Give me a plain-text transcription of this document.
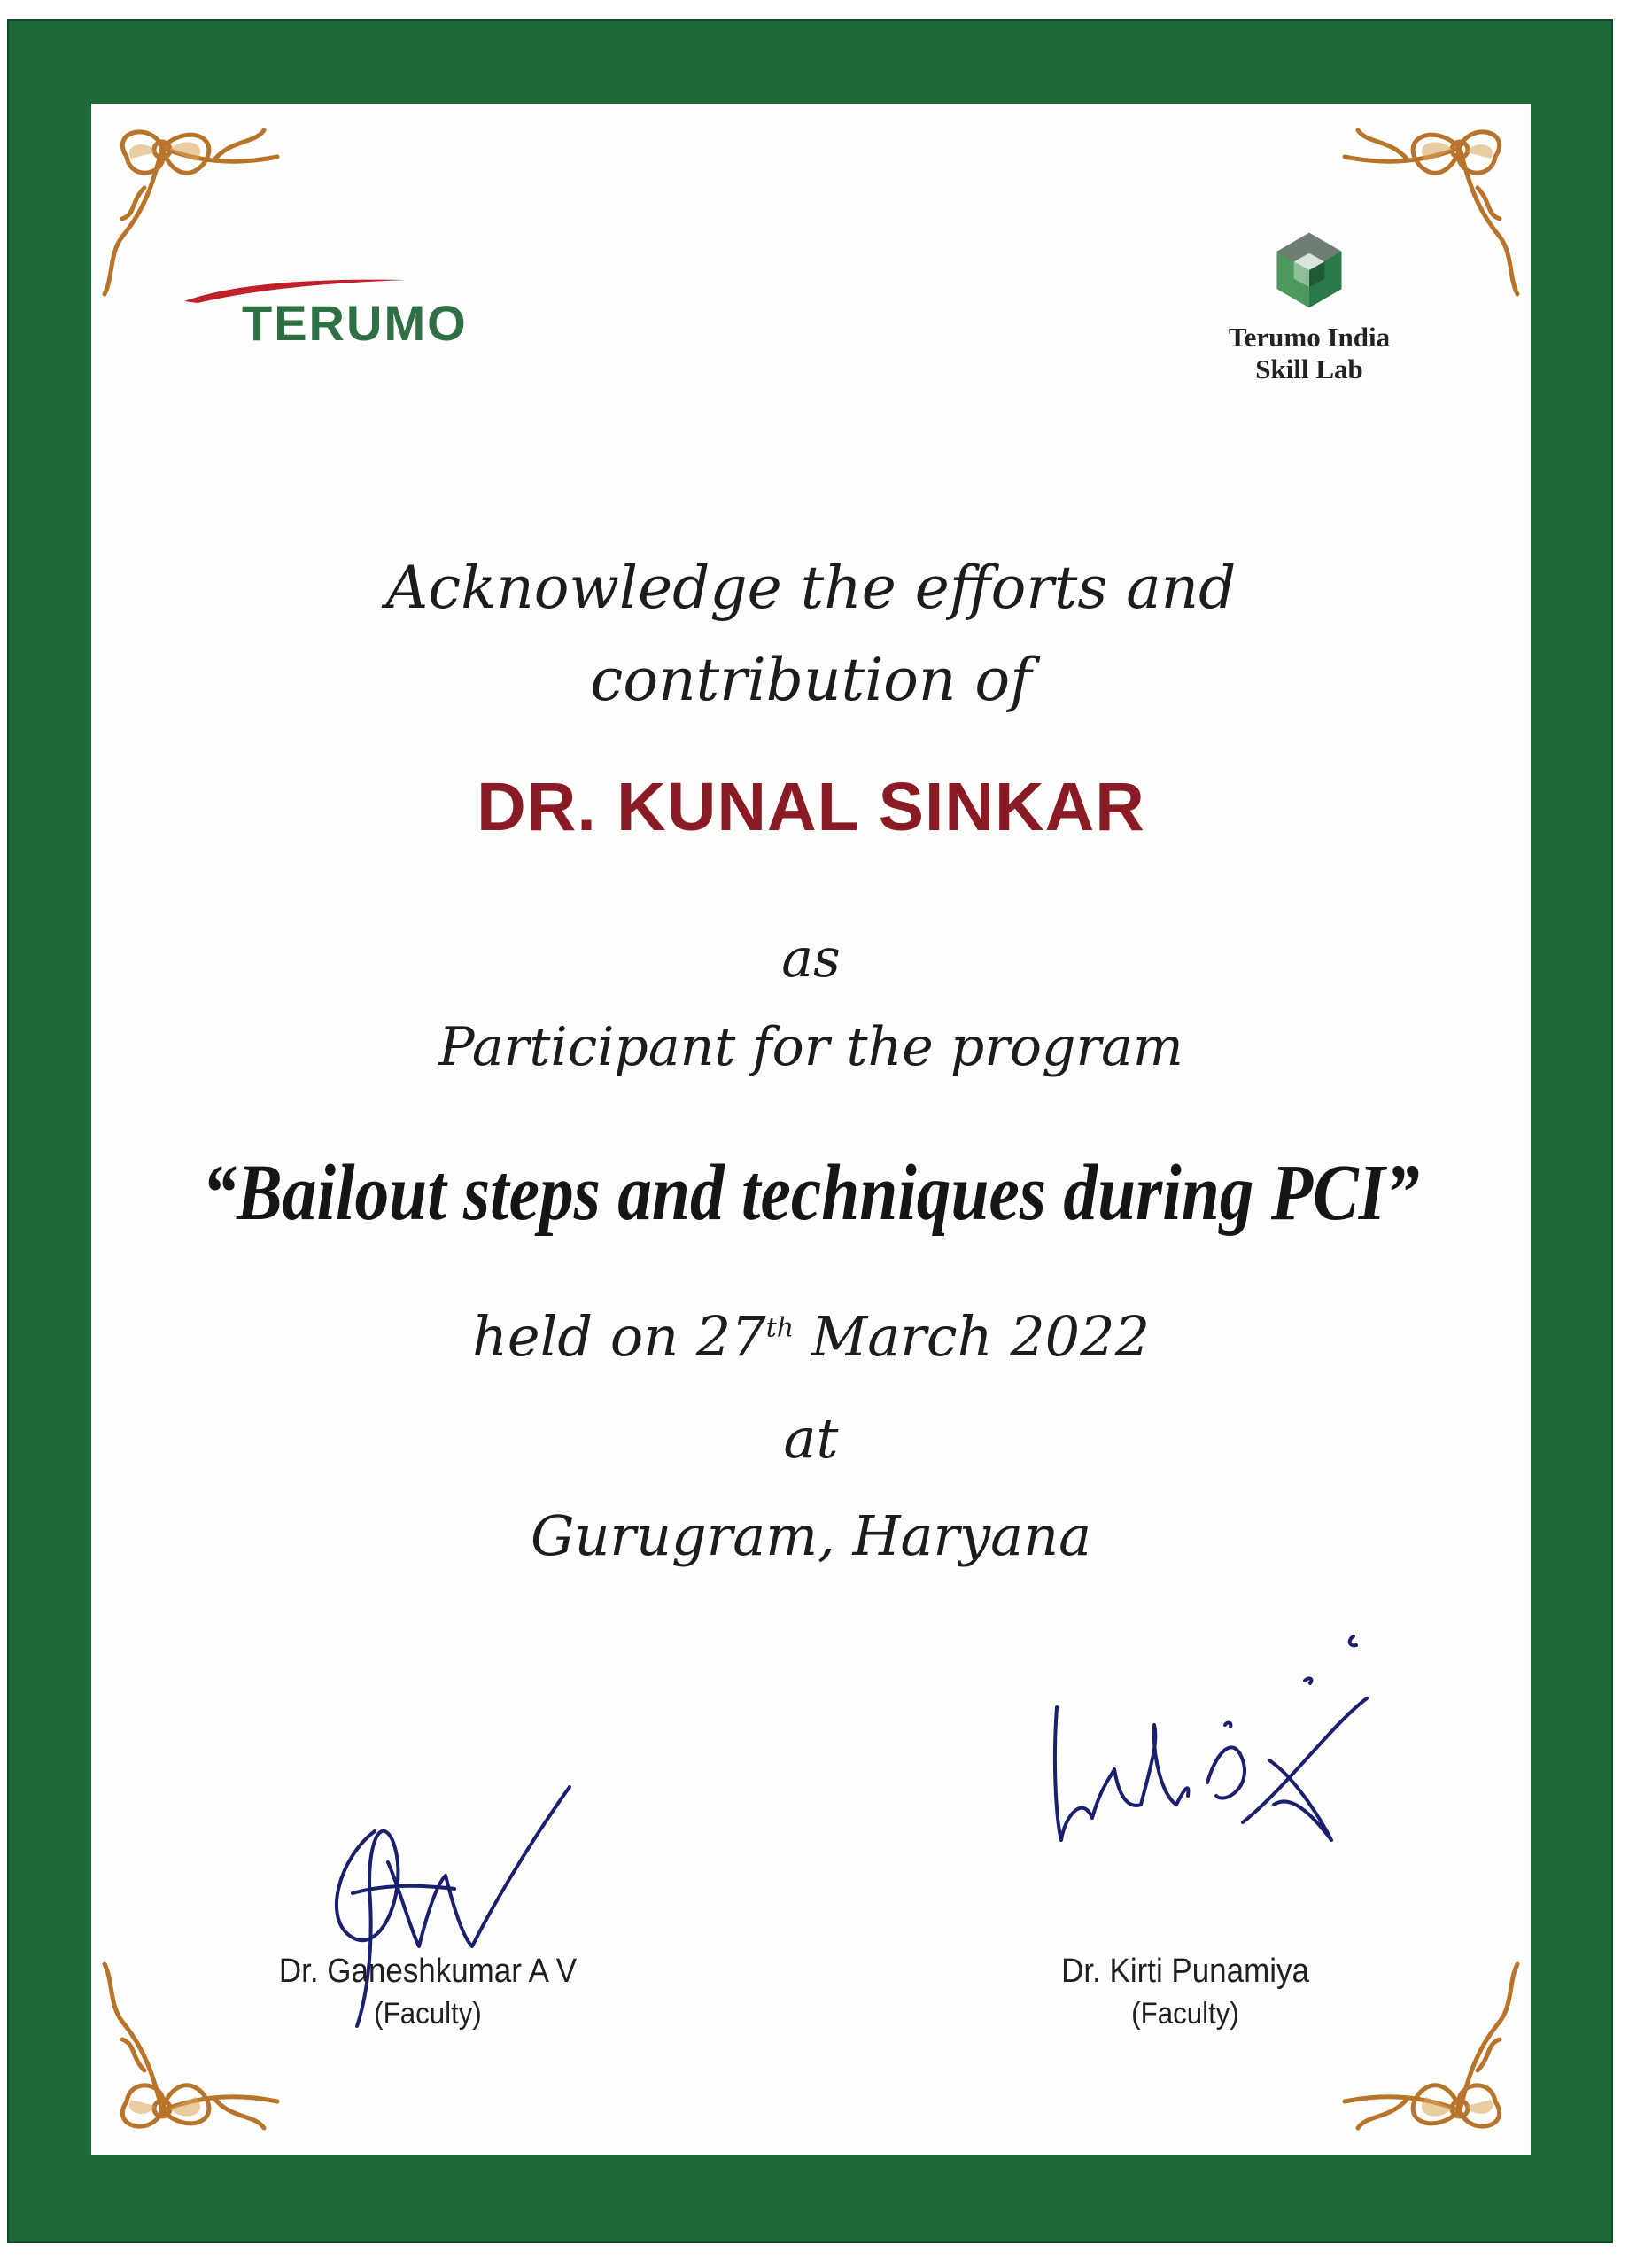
TERUMO	Terumo India
Skill Lab
Acknowledge the efforts and
contribution of
DR. KUNAL SINKAR
as
Participant for the program
“Bailout steps and techniques during PCI”
held on 27th March 2022
at
Gurugram, Haryana
Dr. Ganeshkumar A V
(Faculty)
Dr. Kirti Punamiya
(Faculty)
